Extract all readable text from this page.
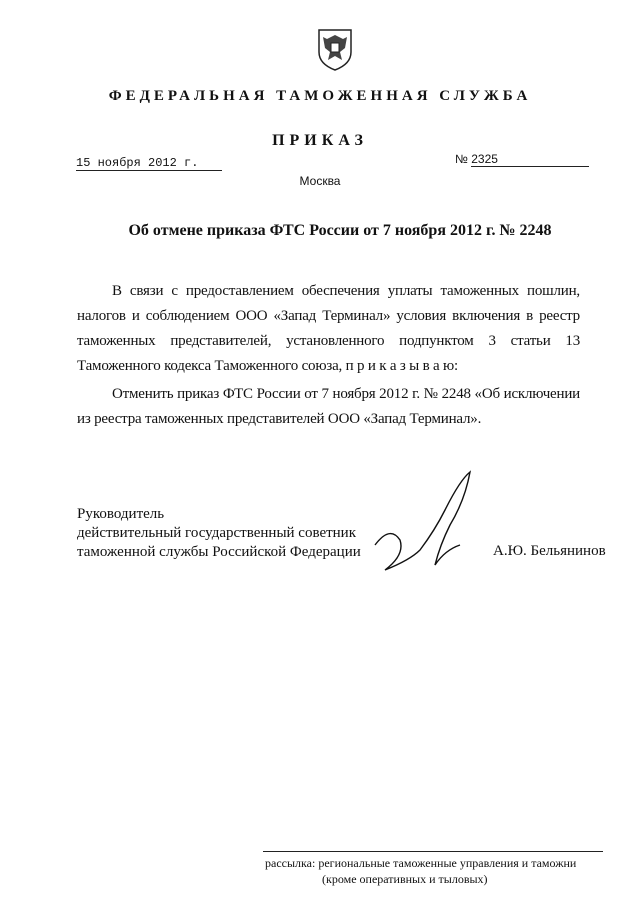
ФЕДЕРАЛЬНАЯ ТАМОЖЕННАЯ СЛУЖБА
ПРИКАЗ
15 ноября 2012 г.	№ 2325
Москва
Об отмене приказа ФТС России от 7 ноября 2012 г. № 2248
В связи с предоставлением обеспечения уплаты таможенных пошлин,
налогов и соблюдением ООО «Запад Терминал» условия включения в реестр
таможенных представителей, установленного подпунктом 3 статьи 13
Таможенного кодекса Таможенного союза, п р и к а з ы в а ю:
Отменить приказ ФТС России от 7 ноября 2012 г. № 2248 «Об исключении
из реестра таможенных представителей ООО «Запад Терминал».
Руководитель
действительный государственный советник
таможенной службы Российской Федерации	А.Ю. Бельянинов
рассылка: региональные таможенные управления и таможни
(кроме оперативных и тыловых)
